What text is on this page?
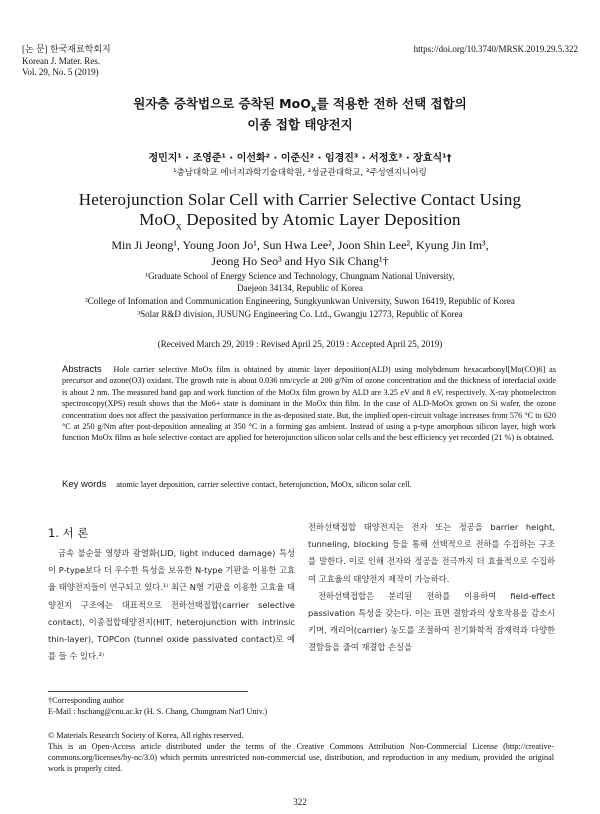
[논 문] 한국재료학회지
Korean J. Mater. Res.
Vol. 29, No. 5 (2019)
https://doi.org/10.3740/MRSK.2019.29.5.322
원자층 증착법으로 증착된 MoO$_x$를 적용한 전하 선택 접합의
이종 접합 태양전지
정민지¹ · 조영준¹ · 이선화² · 이준신² · 임경진³ · 서정호³ · 장효식¹†
¹충남대학교 에너지과학기술대학원, ²성균관대학교, ³주성엔지니어링
Heterojunction Solar Cell with Carrier Selective Contact Using
MoO$_x$ Deposited by Atomic Layer Deposition
Min Ji Jeong¹, Young Joon Jo¹, Sun Hwa Lee², Joon Shin Lee², Kyung Jin Im³,
Jeong Ho Seo³ and Hyo Sik Chang¹†
¹Graduate School of Energy Science and Technology, Chungnam National University,
Daejeon 34134, Republic of Korea
²College of Infomation and Communication Engineering, Sungkyunkwan University, Suwon 16419, Republic of Korea
³Solar R&D division, JUSUNG Engineering Co. Ltd., Gwangju 12773, Republic of Korea
(Received March 29, 2019 : Revised April 25, 2019 : Accepted April 25, 2019)
Abstracts Hole carrier selective MoOx film is obtained by atomic layer deposition(ALD) using molybdenum hexacarbonyl[Mo(CO)6] as precursor and ozone(O3) oxidant. The growth rate is about 0.036 nm/cycle at 200 g/Nm of ozone concentration and the thickness of interfacial oxide is about 2 nm. The measured band gap and work function of the MoOx film grown by ALD are 3.25 eV and 8 eV, respectively. X-ray photoelectron spectroscopy(XPS) result shows that the Mo6+ state is dominant in the MoOx thin film. In the case of ALD-MoOx grown on Si wafer, the ozone concentration does not affect the passivation performance in the as-deposited state. But, the implied open-circuit voltage increases from 576 °C to 620 °C at 250 g/Nm after post-deposition annealing at 350 °C in a forming gas ambient. Instead of using a p-type amorphous silicon layer, high work function MoOx films as hole selective contact are applied for heterojunction silicon solar cells and the best efficiency yet recorded (21 %) is obtained.
Key words atomic layer deposition, carrier selective contact, heterojunction, MoOx, silicon solar cell.
1. 서 론

금속 불순물 영향과 광열화(LID, light induced damage) 특성이 P-type보다 더 우수한 특성을 보유한 N-type 기판을 이용한 고효율 태양전지들이 연구되고 있다.¹⁾ 최근 N형 기판을 이용한 고효율 태양전지 구조에는 대표적으로 전하선택접합(carrier selective contact), 이종접합태양전지(HIT, heterojunction with intrinsic thin-layer), TOPCon (tunnel oxide passivated contact)로 예를 들 수 있다.²⁾

전하선택접합 태양전지는 전자 또는 정공을 barrier height, tunneling, blocking 등을 통해 선택적으로 전하를 수집하는 구조를 말한다. 이로 인해 전자와 정공을 전극까지 더 효율적으로 수집하여 고효율의 태양전지 제작이 가능하다.

전하선택접합은 분리된 전하를 이용하여 field-effect passivation 특성을 갖는다. 이는 표면 결함과의 상호작용을 감소시키며, 캐리어(carrier) 농도를 조절하여 전기화학적 잠재력과 다양한 결함들을 줄여 재결합 손실을

†Corresponding author
E-Mail : hschang@cnu.ac.kr (H. S. Chang, Chungnam Nat'l Univ.)
© Materials Research Society of Korea, All rights reserved.
This is an Open-Access article distributed under the terms of the Creative Commons Attribution Non-Commercial License (http://creative-commons.org/licenses/by-nc/3.0) which permits unrestricted non-commercial use, distribution, and reproduction in any medium, provided the original work is properly cited.
322
